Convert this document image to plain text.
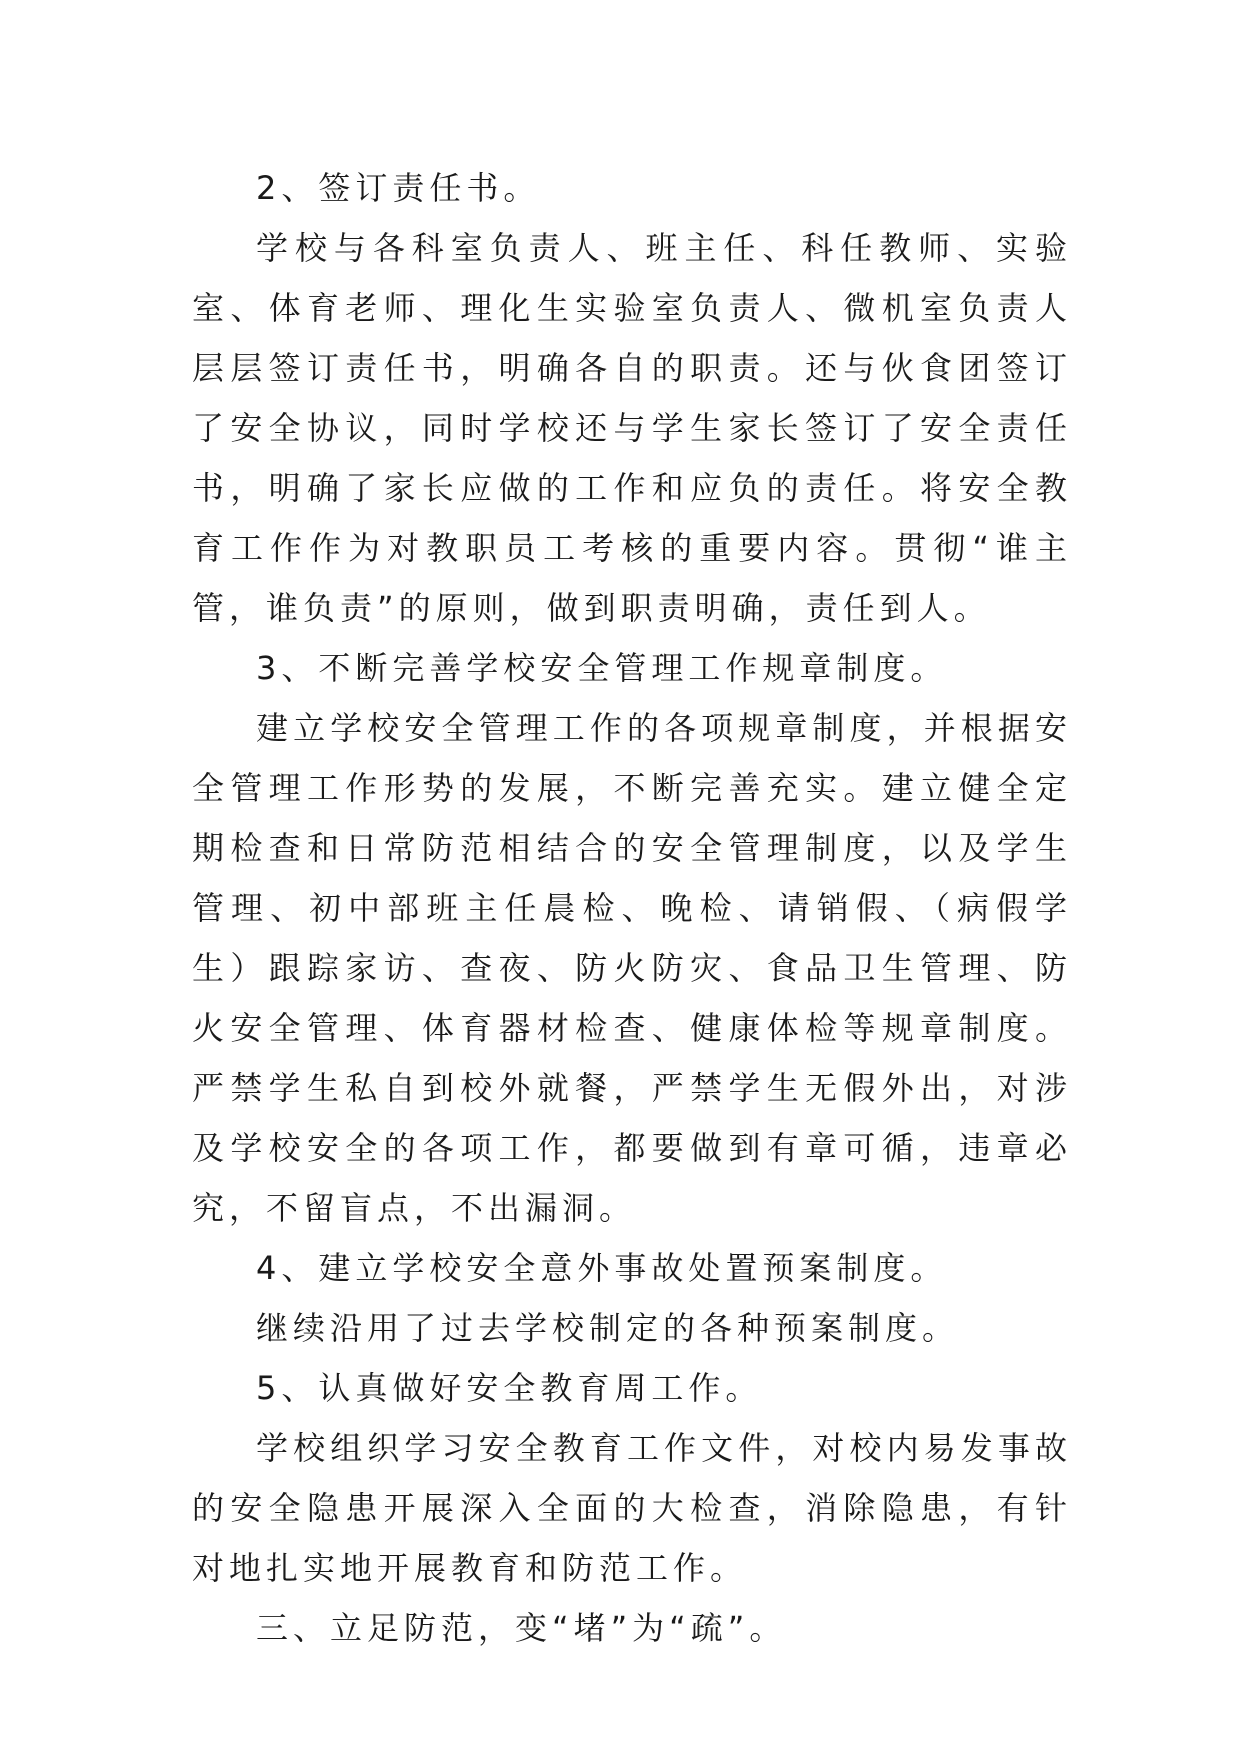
2、签订责任书。

学校与各科室负责人、班主任、科任教师、实验室、体育老师、理化生实验室负责人、微机室负责人层层签订责任书，明确各自的职责。还与伙食团签订了安全协议，同时学校还与学生家长签订了安全责任书，明确了家长应做的工作和应负的责任。将安全教育工作作为对教职员工考核的重要内容。贯彻“谁主管，谁负责”的原则，做到职责明确，责任到人。

3、不断完善学校安全管理工作规章制度。

建立学校安全管理工作的各项规章制度，并根据安全管理工作形势的发展，不断完善充实。建立健全定期检查和日常防范相结合的安全管理制度，以及学生管理、初中部班主任晨检、晚检、请销假、（病假学生）跟踪家访、查夜、防火防灾、食品卫生管理、防火安全管理、体育器材检查、健康体检等规章制度。严禁学生私自到校外就餐，严禁学生无假外出，对涉及学校安全的各项工作，都要做到有章可循，违章必究，不留盲点，不出漏洞。

4、建立学校安全意外事故处置预案制度。

继续沿用了过去学校制定的各种预案制度。

5、认真做好安全教育周工作。

学校组织学习安全教育工作文件，对校内易发事故的安全隐患开展深入全面的大检查，消除隐患，有针对地扎实地开展教育和防范工作。

三、立足防范，变“堵”为“疏”。
